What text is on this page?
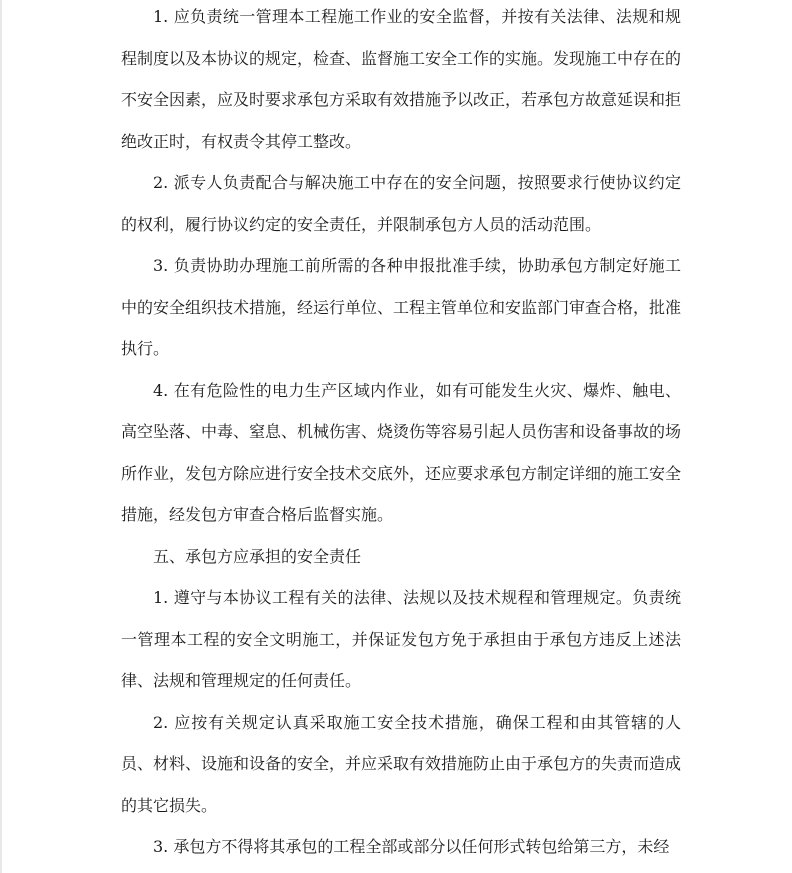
1. 应负责统一管理本工程施工作业的安全监督，并按有关法律、法规和规程制度以及本协议的规定，检查、监督施工安全工作的实施。发现施工中存在的不安全因素，应及时要求承包方采取有效措施予以改正，若承包方故意延误和拒绝改正时，有权责令其停工整改。

2. 派专人负责配合与解决施工中存在的安全问题，按照要求行使协议约定的权利，履行协议约定的安全责任，并限制承包方人员的活动范围。

3. 负责协助办理施工前所需的各种申报批准手续，协助承包方制定好施工中的安全组织技术措施，经运行单位、工程主管单位和安监部门审查合格，批准执行。

4. 在有危险性的电力生产区域内作业，如有可能发生火灾、爆炸、触电、高空坠落、中毒、窒息、机械伤害、烧烫伤等容易引起人员伤害和设备事故的场所作业，发包方除应进行安全技术交底外，还应要求承包方制定详细的施工安全措施，经发包方审查合格后监督实施。

五、承包方应承担的安全责任

1. 遵守与本协议工程有关的法律、法规以及技术规程和管理规定。负责统一管理本工程的安全文明施工，并保证发包方免于承担由于承包方违反上述法律、法规和管理规定的任何责任。

2. 应按有关规定认真采取施工安全技术措施，确保工程和由其管辖的人员、材料、设施和设备的安全，并应采取有效措施防止由于承包方的失责而造成的其它损失。

3. 承包方不得将其承包的工程全部或部分以任何形式转包给第三方，未经
